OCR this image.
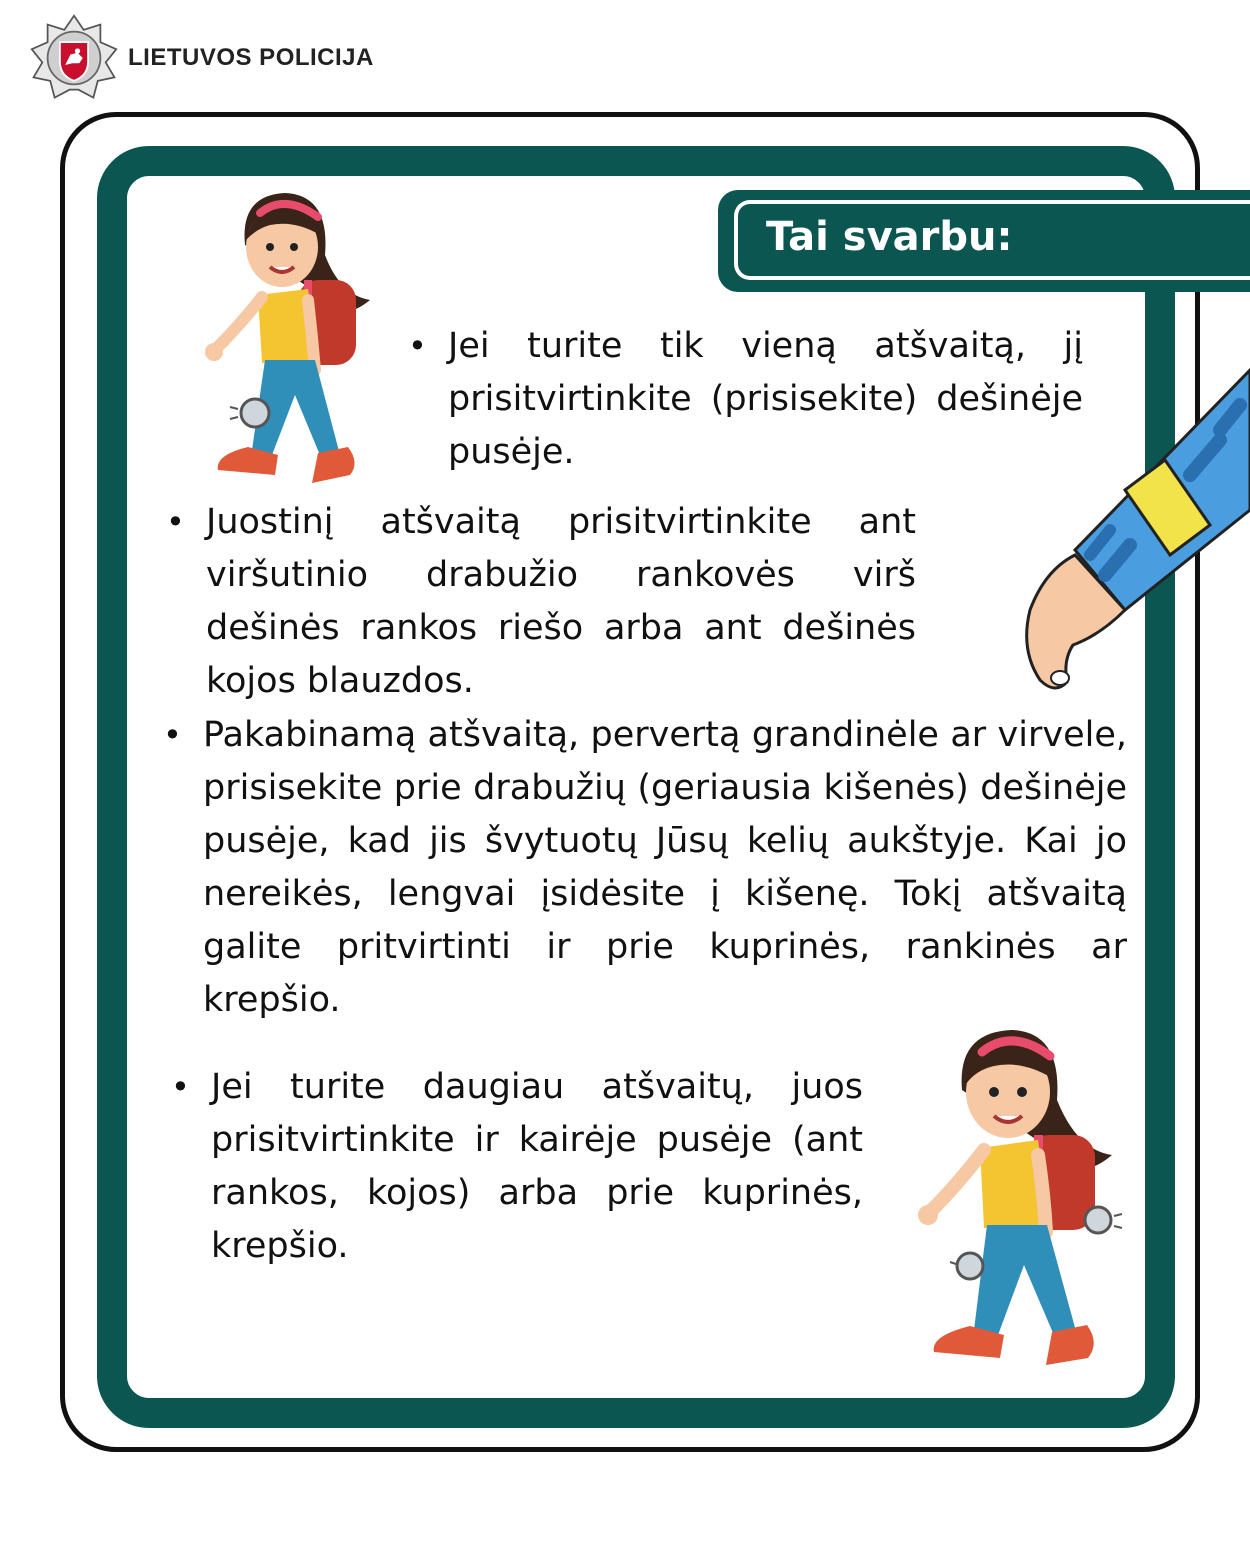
LIETUVOS POLICIJA
Tai svarbu:

• Jei turite tik vieną atšvaitą, jį prisitvirtinkite (prisisekite) dešinėje pusėje.

• Juostinį atšvaitą prisitvirtinkite ant viršutinio drabužio rankovės virš dešinės rankos riešo arba ant dešinės kojos blauzdos.

• Pakabinamą atšvaitą, pervertą grandinėle ar virvele, prisisekite prie drabužių (geriausia kišenės) dešinėje pusėje, kad jis švytuotų Jūsų kelių aukštyje. Kai jo nereikės, lengvai įsidėsite į kišenę. Tokį atšvaitą galite pritvirtinti ir prie kuprinės, rankinės ar krepšio.

• Jei turite daugiau atšvaitų, juos prisitvirtinkite ir kairėje pusėje (ant rankos, kojos) arba prie kuprinės, krepšio.
